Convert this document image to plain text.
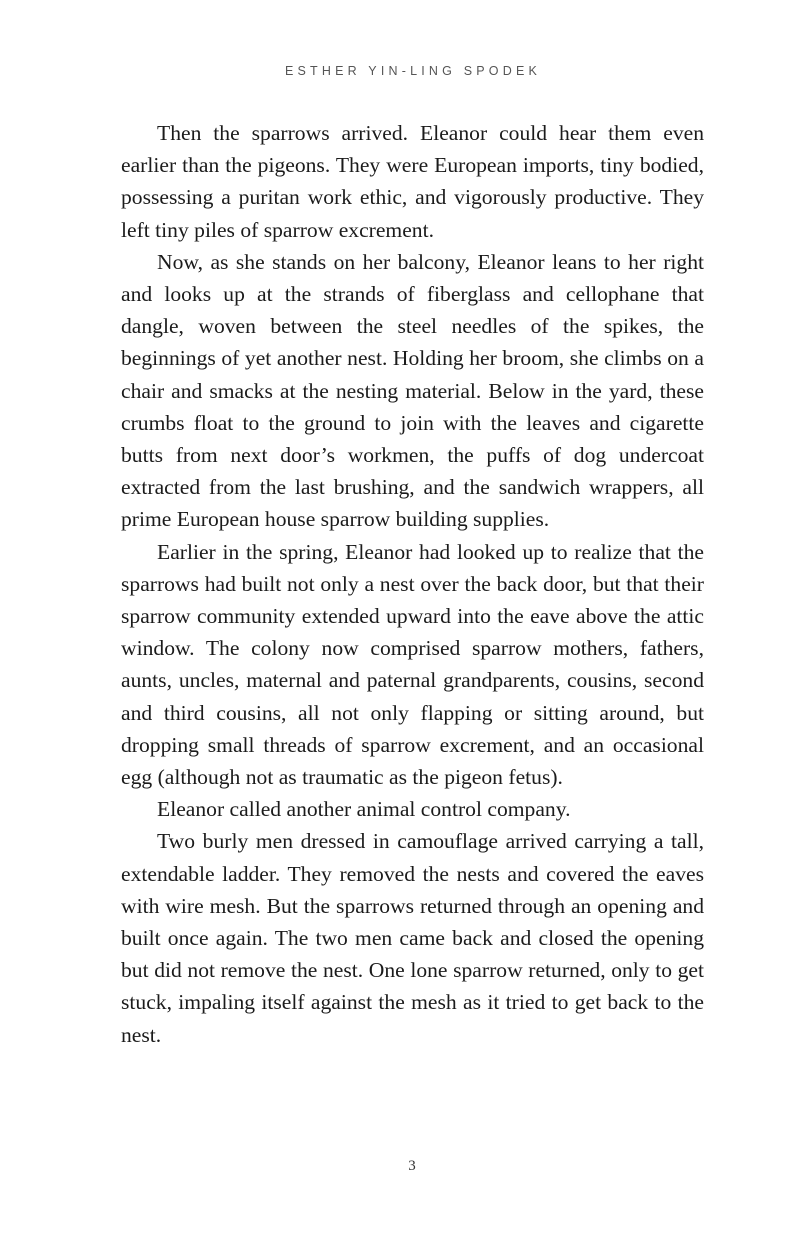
ESTHER YIN-LING SPODEK

Then the sparrows arrived. Eleanor could hear them even earlier than the pigeons. They were European imports, tiny bodied, possessing a puritan work ethic, and vigorously productive. They left tiny piles of sparrow excrement.

Now, as she stands on her balcony, Eleanor leans to her right and looks up at the strands of fiberglass and cellophane that dangle, woven between the steel needles of the spikes, the beginnings of yet another nest. Holding her broom, she climbs on a chair and smacks at the nesting material. Below in the yard, these crumbs float to the ground to join with the leaves and cigarette butts from next door’s workmen, the puffs of dog undercoat extracted from the last brushing, and the sandwich wrappers, all prime European house sparrow building supplies.

Earlier in the spring, Eleanor had looked up to realize that the sparrows had built not only a nest over the back door, but that their sparrow community extended upward into the eave above the attic window. The colony now comprised sparrow mothers, fathers, aunts, uncles, maternal and paternal grandparents, cousins, second and third cousins, all not only flapping or sitting around, but dropping small threads of sparrow excrement, and an occasional egg (although not as traumatic as the pigeon fetus).

Eleanor called another animal control company.

Two burly men dressed in camouflage arrived carrying a tall, extendable ladder. They removed the nests and covered the eaves with wire mesh. But the sparrows returned through an opening and built once again. The two men came back and closed the opening but did not remove the nest. One lone sparrow returned, only to get stuck, impaling itself against the mesh as it tried to get back to the nest.

3
